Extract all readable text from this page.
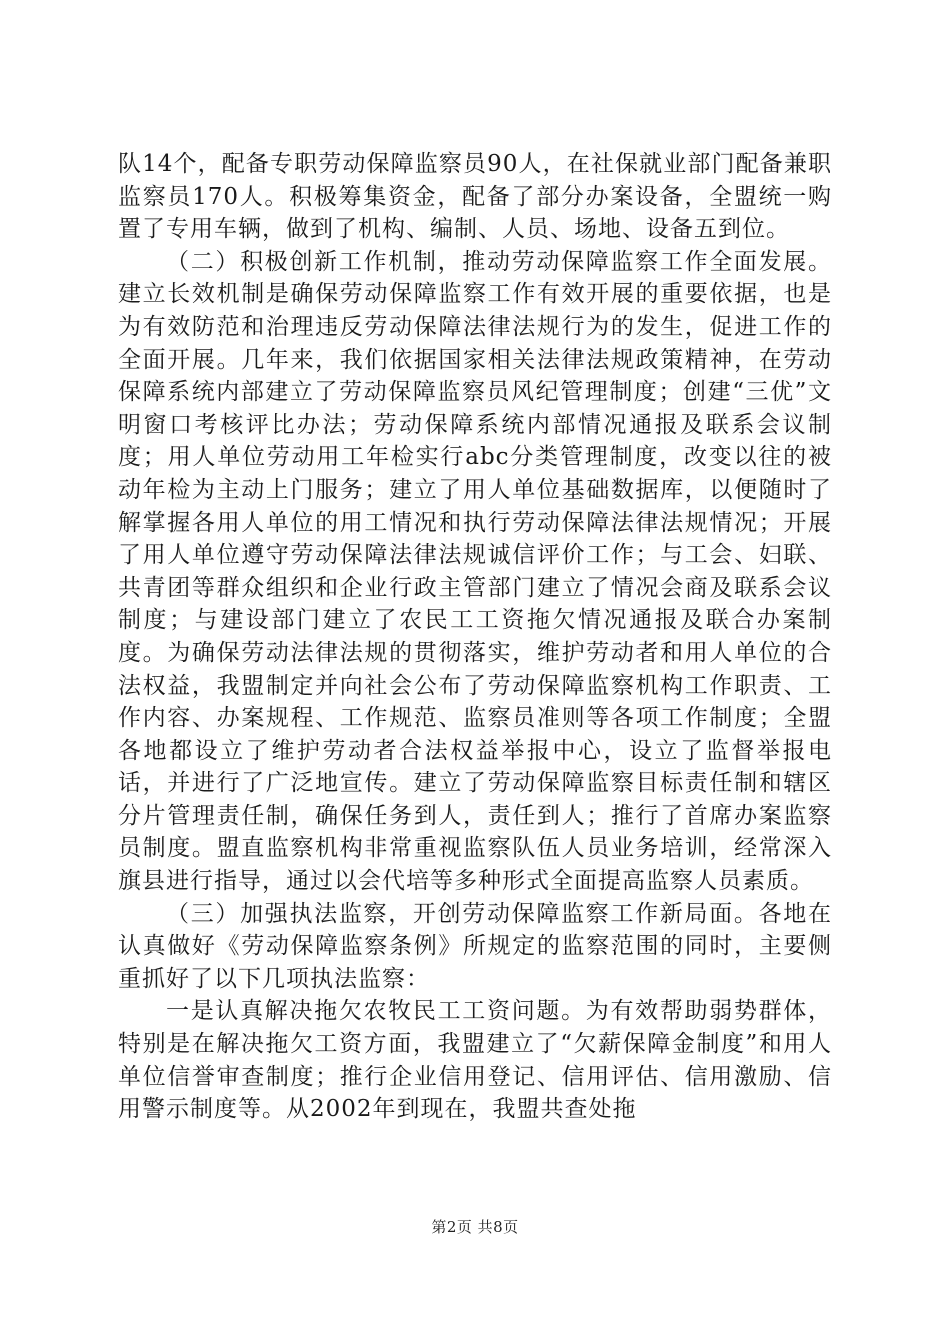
队14个，配备专职劳动保障监察员90人，在社保就业部门配备兼职监察员170人。积极筹集资金，配备了部分办案设备，全盟统一购置了专用车辆，做到了机构、编制、人员、场地、设备五到位。

（二）积极创新工作机制，推动劳动保障监察工作全面发展。建立长效机制是确保劳动保障监察工作有效开展的重要依据，也是为有效防范和治理违反劳动保障法律法规行为的发生，促进工作的全面开展。几年来，我们依据国家相关法律法规政策精神，在劳动保障系统内部建立了劳动保障监察员风纪管理制度；创建“三优”文明窗口考核评比办法；劳动保障系统内部情况通报及联系会议制度；用人单位劳动用工年检实行abc分类管理制度，改变以往的被动年检为主动上门服务；建立了用人单位基础数据库，以便随时了解掌握各用人单位的用工情况和执行劳动保障法律法规情况；开展了用人单位遵守劳动保障法律法规诚信评价工作；与工会、妇联、共青团等群众组织和企业行政主管部门建立了情况会商及联系会议制度；与建设部门建立了农民工工资拖欠情况通报及联合办案制度。为确保劳动法律法规的贯彻落实，维护劳动者和用人单位的合法权益，我盟制定并向社会公布了劳动保障监察机构工作职责、工作内容、办案规程、工作规范、监察员准则等各项工作制度；全盟各地都设立了维护劳动者合法权益举报中心，设立了监督举报电话，并进行了广泛地宣传。建立了劳动保障监察目标责任制和辖区分片管理责任制，确保任务到人，责任到人；推行了首席办案监察员制度。盟直监察机构非常重视监察队伍人员业务培训，经常深入旗县进行指导，通过以会代培等多种形式全面提高监察人员素质。

（三）加强执法监察，开创劳动保障监察工作新局面。各地在认真做好《劳动保障监察条例》所规定的监察范围的同时，主要侧重抓好了以下几项执法监察：

一是认真解决拖欠农牧民工工资问题。为有效帮助弱势群体，特别是在解决拖欠工资方面，我盟建立了“欠薪保障金制度”和用人单位信誉审查制度；推行企业信用登记、信用评估、信用激励、信用警示制度等。从2002年到现在，我盟共查处拖

第2页 共8页
